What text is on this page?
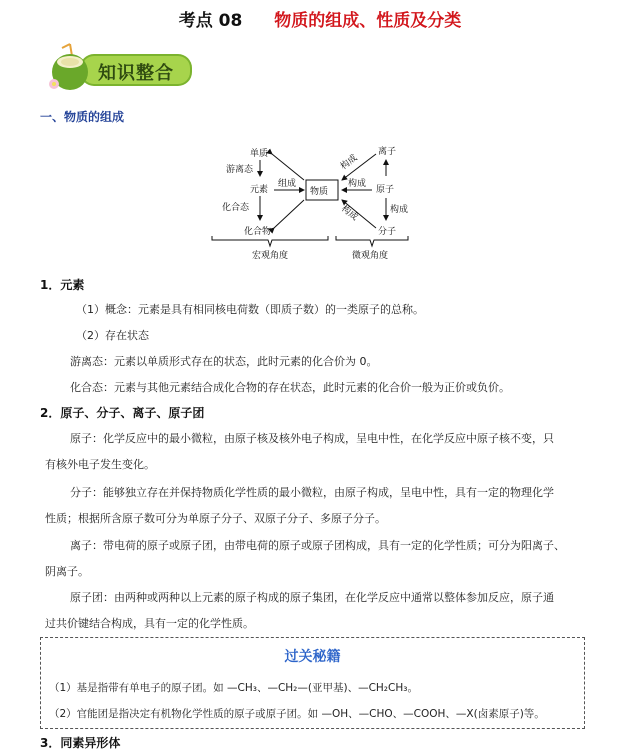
考点 08 物质的组成、性质及分类
知识整合
一、物质的组成
单质
游离态
元素
组成
化合态
化合物
物质
离子
构成
构成
原子
构成	构成
分子
宏观角度	微观角度
1．元素
（1）概念：元素是具有相同核电荷数（即质子数）的一类原子的总称。
（2）存在状态
游离态：元素以单质形式存在的状态，此时元素的化合价为 0。
化合态：元素与其他元素结合成化合物的存在状态，此时元素的化合价一般为正价或负价。
2．原子、分子、离子、原子团
原子：化学反应中的最小微粒，由原子核及核外电子构成，呈电中性，在化学反应中原子核不变，只
有核外电子发生变化。
分子：能够独立存在并保持物质化学性质的最小微粒，由原子构成，呈电中性，具有一定的物理化学
性质；根据所含原子数可分为单原子分子、双原子分子、多原子分子。
离子：带电荷的原子或原子团，由带电荷的原子或原子团构成，具有一定的化学性质；可分为阳离子、
阴离子。
原子团：由两种或两种以上元素的原子构成的原子集团，在化学反应中通常以整体参加反应，原子通
过共价键结合构成，具有一定的化学性质。
过关秘籍
（1）基是指带有单电子的原子团。如 —CH₃、—CH₂—(亚甲基)、—CH₂CH₃。
（2）官能团是指决定有机物化学性质的原子或原子团。如 —OH、—CHO、—COOH、—X(卤素原子)等。
3．同素异形体
